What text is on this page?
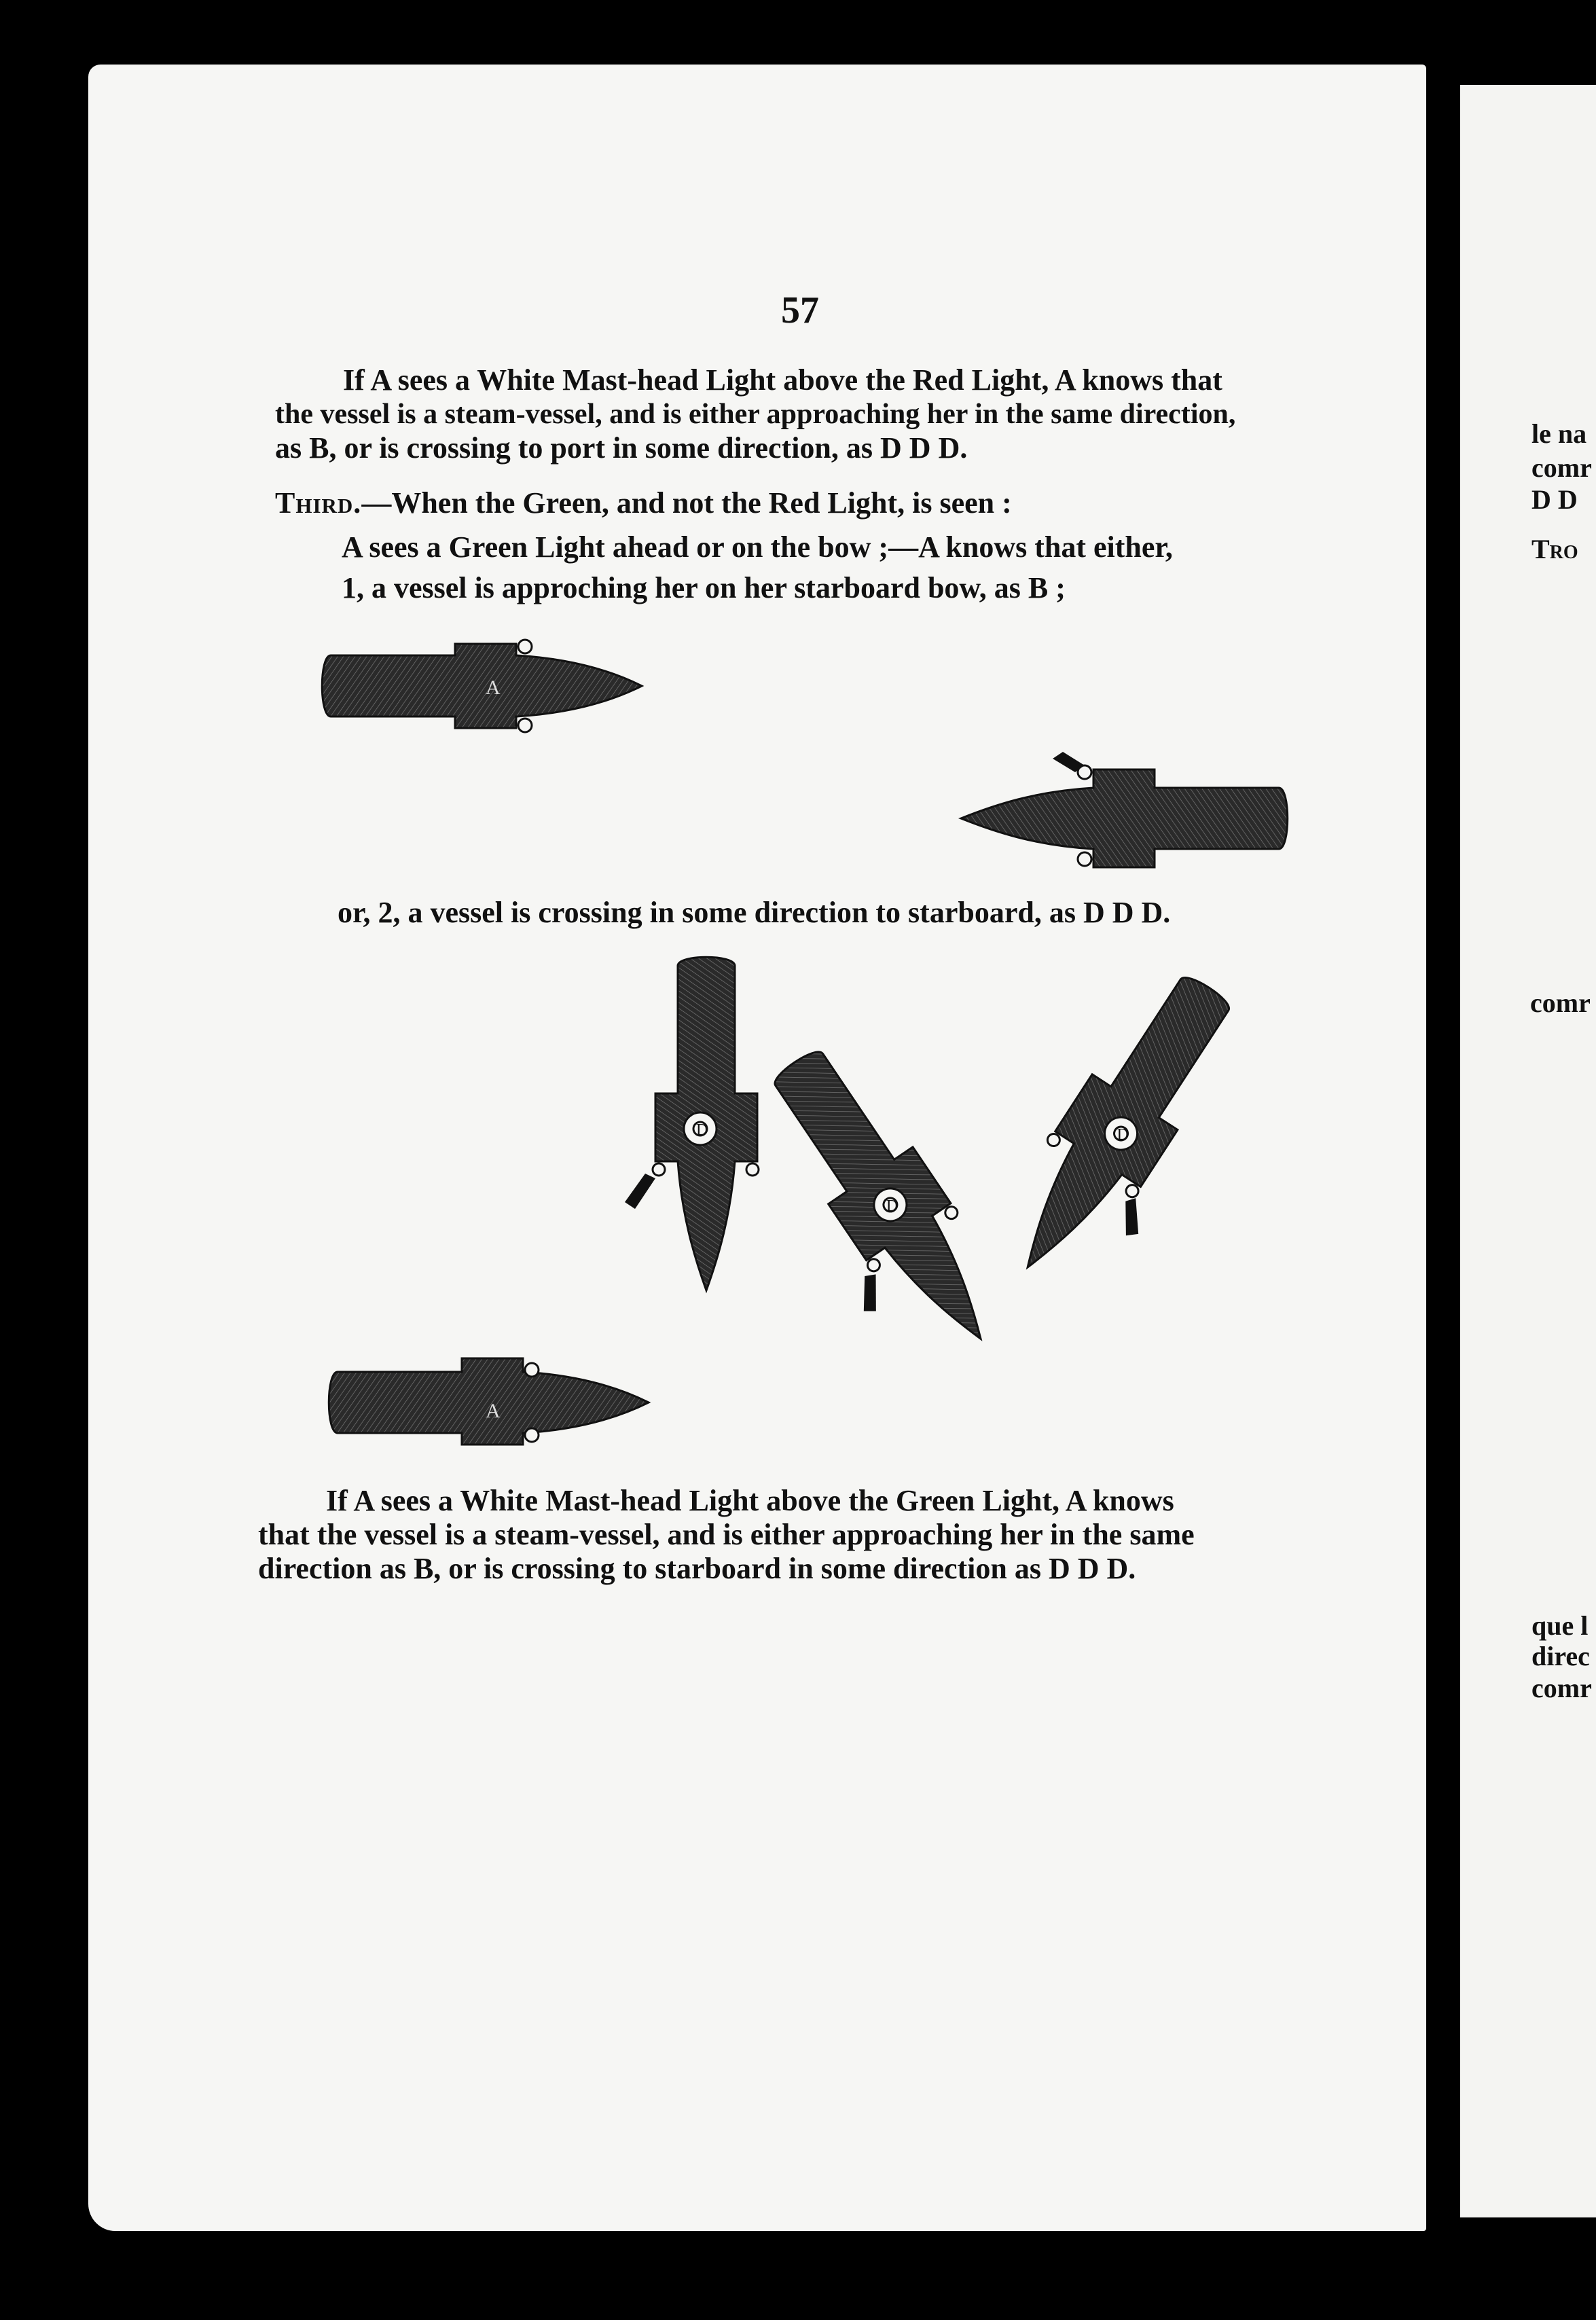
57
If A sees a White Mast-head Light above the Red Light, A knows that
the vessel is a steam-vessel, and is either approaching her in the same direction,
as B, or is crossing to port in some direction, as D D D.
Third.—When the Green, and not the Red Light, is seen :
A sees a Green Light ahead or on the bow ;—A knows that either,
1, a vessel is approching her on her starboard bow, as B ;
or, 2, a vessel is crossing in some direction to starboard, as D D D.
If A sees a White Mast-head Light above the Green Light, A knows
that the vessel is a steam-vessel, and is either approaching her in the same
direction as B, or is crossing to starboard in some direction as D D D.
le na
comr
D D
Tro
comr
que l
direc
comr
A
D
D
D
A
